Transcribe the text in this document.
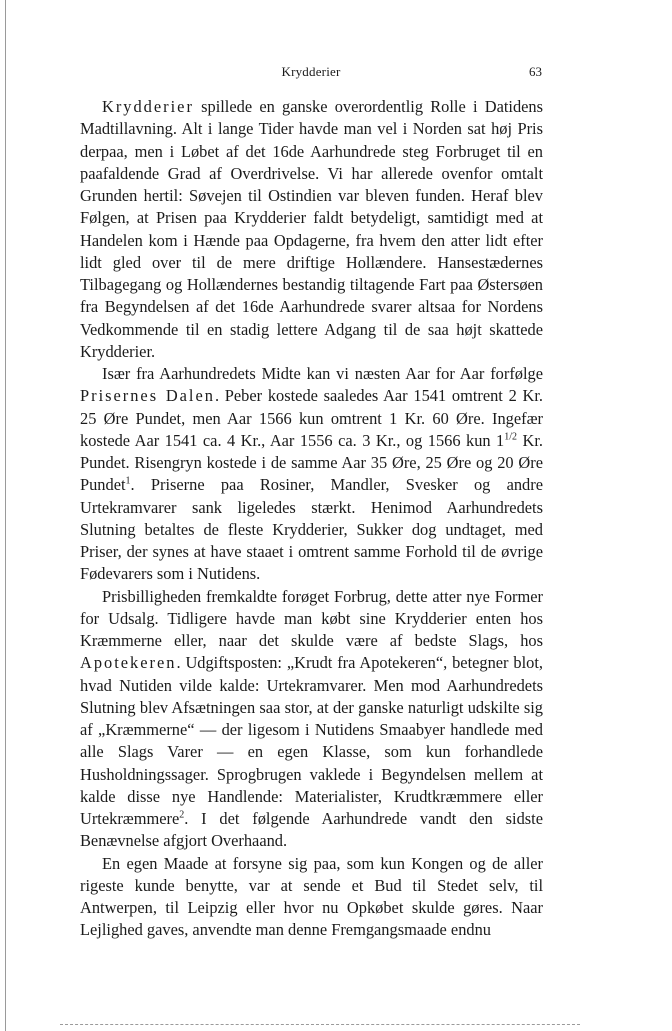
Krydderier	63

Krydderier spillede en ganske overordentlig Rolle i Datidens Madtillavning. Alt i lange Tider havde man vel i Norden sat høj Pris derpaa, men i Løbet af det 16de Aarhundrede steg Forbruget til en paafaldende Grad af Overdrivelse. Vi har allerede ovenfor omtalt Grunden hertil: Søvejen til Ostindien var bleven funden. Heraf blev Følgen, at Prisen paa Krydderier faldt betydeligt, samtidigt med at Handelen kom i Hænde paa Opdagerne, fra hvem den atter lidt efter lidt gled over til de mere driftige Hollændere. Hansestædernes Tilbagegang og Hollændernes bestandig tiltagende Fart paa Østersøen fra Begyndelsen af det 16de Aarhundrede svarer altsaa for Nordens Vedkommende til en stadig lettere Adgang til de saa højt skattede Krydderier.

Især fra Aarhundredets Midte kan vi næsten Aar for Aar forfølge Prisernes Dalen. Peber kostede saaledes Aar 1541 omtrent 2 Kr. 25 Øre Pundet, men Aar 1566 kun omtrent 1 Kr. 60 Øre. Ingefær kostede Aar 1541 ca. 4 Kr., Aar 1556 ca. 3 Kr., og 1566 kun $1^{1/2}$ Kr. Pundet. Risengryn kostede i de samme Aar 35 Øre, 25 Øre og 20 Øre Pundet$^1$. Priserne paa Rosiner, Mandler, Svesker og andre Urtekramvarer sank ligeledes stærkt. Henimod Aarhundredets Slutning betaltes de fleste Krydderier, Sukker dog undtaget, med Priser, der synes at have staaet i omtrent samme Forhold til de øvrige Fødevarers som i Nutidens.

Prisbilligheden fremkaldte forøget Forbrug, dette atter nye Former for Udsalg. Tidligere havde man købt sine Krydderier enten hos Kræmmerne eller, naar det skulde være af bedste Slags, hos Apotekeren. Udgiftsposten: „Krudt fra Apotekeren“, betegner blot, hvad Nutiden vilde kalde: Urtekramvarer. Men mod Aarhundredets Slutning blev Afsætningen saa stor, at der ganske naturligt udskilte sig af „Kræmmerne“ — der ligesom i Nutidens Smaabyer handlede med alle Slags Varer — en egen Klasse, som kun forhandlede Husholdningssager. Sprogbrugen vaklede i Begyndelsen mellem at kalde disse nye Handlende: Materialister, Krudtkræmmere eller Urtekræmmere$^2$. I det følgende Aarhundrede vandt den sidste Benævnelse afgjort Overhaand.

En egen Maade at forsyne sig paa, som kun Kongen og de aller rigeste kunde benytte, var at sende et Bud til Stedet selv, til Antwerpen, til Leipzig eller hvor nu Opkøbet skulde gøres. Naar Lejlighed gaves, anvendte man denne Fremgangsmaade endnu
